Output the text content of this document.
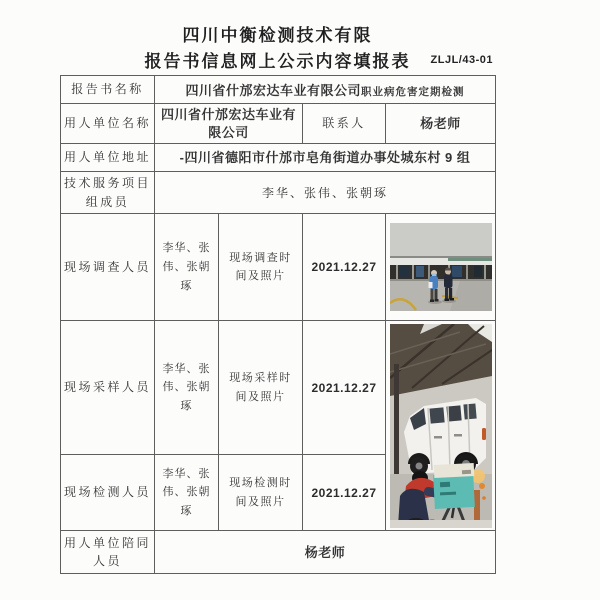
四川中衡检测技术有限
报告书信息网上公示内容填报表	ZLJL/43-01
报告书名称	四川省什邡宏达车业有限公司职业病危害定期检测			
用人单位名称	四川省什邡宏达车业有限公司		联系人	杨老师
用人单位地址	-四川省德阳市什邡市皂角街道办事处城东村 9 组			
技术服务项目组成员	李华、张伟、张朝琢			
现场调查人员	李华、张伟、张朝琢	现场调查时间及照片	2021.12.27	

现场采样人员	李华、张伟、张朝琢	现场采样时间及照片	2021.12.27	

现场检测人员	李华、张伟、张朝琢	现场检测时间及照片	2021.12.27	
用人单位陪同人员	杨老师			
